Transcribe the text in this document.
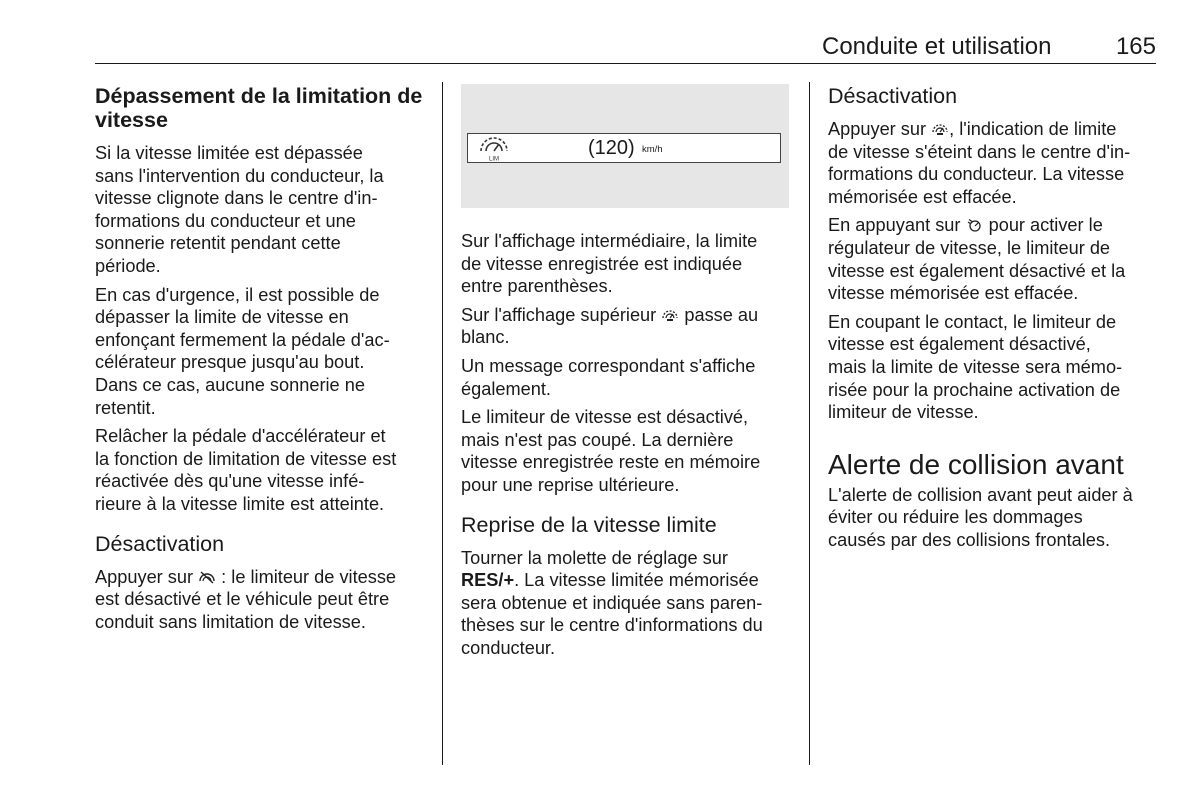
Conduite et utilisation	165
Dépassement de la limitation de vitesse

Si la vitesse limitée est dépassée
sans l'intervention du conducteur, la
vitesse clignote dans le centre d'in‐
formations du conducteur et une
sonnerie retentit pendant cette
période.

En cas d'urgence, il est possible de
dépasser la limite de vitesse en
enfonçant fermement la pédale d'ac‐
célérateur presque jusqu'au bout.
Dans ce cas, aucune sonnerie ne
retentit.

Relâcher la pédale d'accélérateur et
la fonction de limitation de vitesse est
réactivée dès qu'une vitesse infé‐
rieure à la vitesse limite est atteinte.

Désactivation

Appuyer sur
: le limiteur de vitesse
est désactivé et le véhicule peut être
conduit sans limitation de vitesse.

LIM
(120) km/h

Sur l'affichage intermédiaire, la limite
de vitesse enregistrée est indiquée
entre parenthèses.

Sur l'affichage supérieur
passe au
blanc.

Un message correspondant s'affiche
également.

Le limiteur de vitesse est désactivé,
mais n'est pas coupé. La dernière
vitesse enregistrée reste en mémoire
pour une reprise ultérieure.

Reprise de la vitesse limite

Tourner la molette de réglage sur
RES/+. La vitesse limitée mémorisée
sera obtenue et indiquée sans paren‐
thèses sur le centre d'informations du
conducteur.

Désactivation

Appuyer sur , l'indication de limite
de vitesse s'éteint dans le centre d'in‐
formations du conducteur. La vitesse
mémorisée est effacée.

En appuyant sur
pour activer le
régulateur de vitesse, le limiteur de
vitesse est également désactivé et la
vitesse mémorisée est effacée.

En coupant le contact, le limiteur de
vitesse est également désactivé,
mais la limite de vitesse sera mémo‐
risée pour la prochaine activation de
limiteur de vitesse.

Alerte de collision avant

L'alerte de collision avant peut aider à
éviter ou réduire les dommages
causés par des collisions frontales.
